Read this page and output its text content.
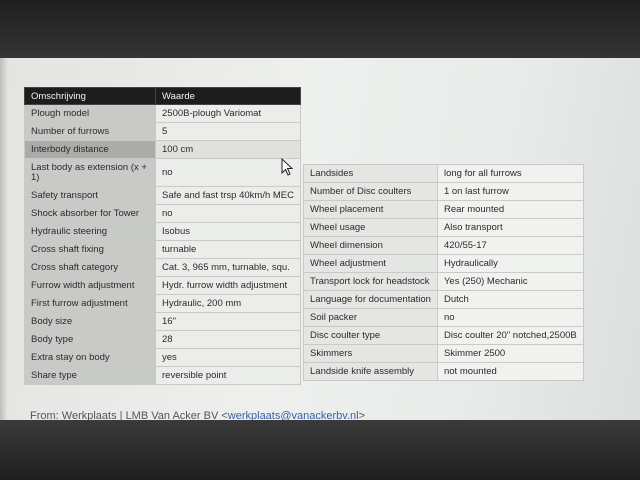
Omschrijving	Waarde
Plough model	2500B-plough Variomat
Number of furrows	5
Interbody distance	100 cm
Last body as extension (x + 1)	no
Safety transport	Safe and fast trsp 40km/h MEC
Shock absorber for Tower	no
Hydraulic steering	Isobus
Cross shaft fixing	turnable
Cross shaft category	Cat. 3, 965 mm, turnable, squ.
Furrow width adjustment	Hydr. furrow width adjustment
First furrow adjustment	Hydraulic, 200 mm
Body size	16"
Body type	28
Extra stay on body	yes
Share type	reversible point
Landsides	long for all furrows
Number of Disc coulters	1 on last furrow
Wheel placement	Rear mounted
Wheel usage	Also transport
Wheel dimension	420/55-17
Wheel adjustment	Hydraulically
Transport lock for headstock	Yes (250) Mechanic
Language for documentation	Dutch
Soil packer	no
Disc coulter type	Disc coulter 20" notched,2500B
Skimmers	Skimmer 2500
Landside knife assembly	not mounted
From: Werkplaats | LMB Van Acker BV <werkplaats@vanackerbv.nl>
